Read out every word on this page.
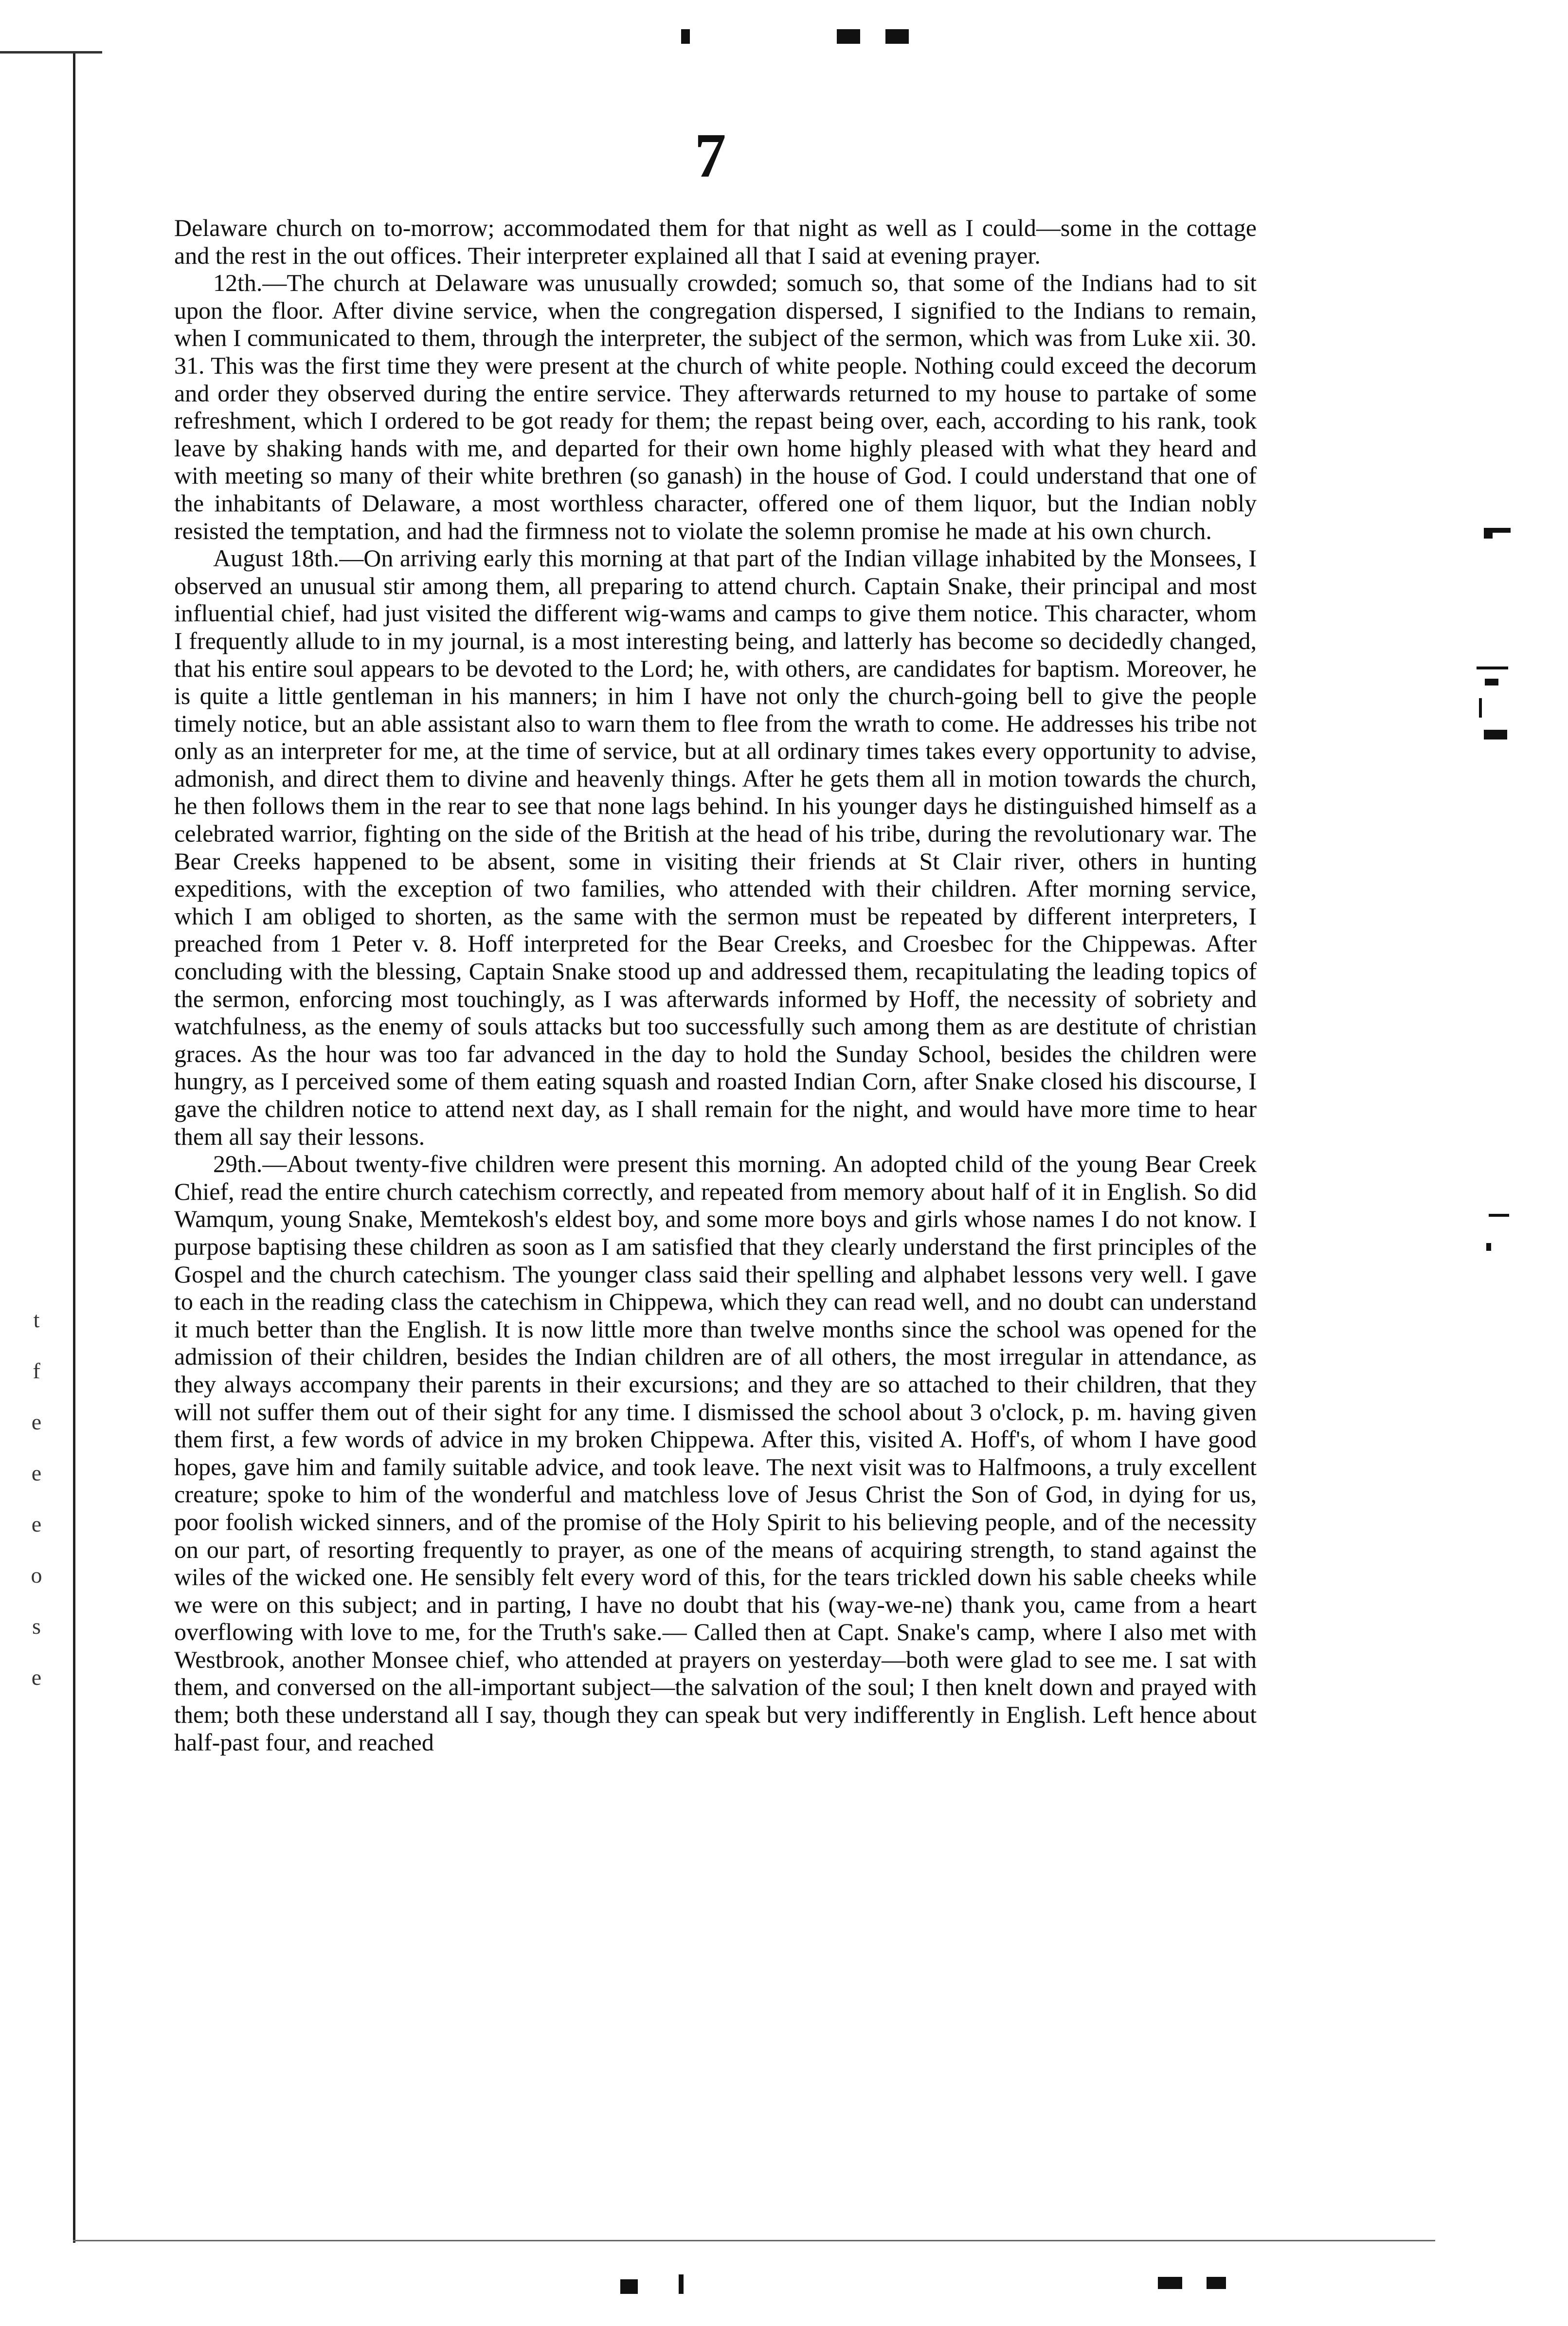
7

Delaware church on to-morrow; accommodated them for that night as well as I could—some in the cottage and the rest in the out offices. Their interpreter explained all that I said at evening prayer.

12th.—The church at Delaware was unusually crowded; somuch so, that some of the Indians had to sit upon the floor. After divine service, when the congregation dispersed, I signified to the Indians to remain, when I communicated to them, through the interpreter, the subject of the sermon, which was from Luke xii. 30. 31. This was the first time they were present at the church of white people. Nothing could exceed the decorum and order they observed during the entire service. They afterwards returned to my house to partake of some refreshment, which I ordered to be got ready for them; the repast being over, each, according to his rank, took leave by shaking hands with me, and departed for their own home highly pleased with what they heard and with meeting so many of their white brethren (so ganash) in the house of God. I could understand that one of the inhabitants of Delaware, a most worthless character, offered one of them liquor, but the Indian nobly resisted the temptation, and had the firmness not to violate the solemn promise he made at his own church.

August 18th.—On arriving early this morning at that part of the Indian village inhabited by the Monsees, I observed an unusual stir among them, all preparing to attend church. Captain Snake, their principal and most influential chief, had just visited the different wig-wams and camps to give them notice. This character, whom I frequently allude to in my journal, is a most interesting being, and latterly has become so decidedly changed, that his entire soul appears to be devoted to the Lord; he, with others, are candidates for baptism. Moreover, he is quite a little gentleman in his manners; in him I have not only the church-going bell to give the people timely notice, but an able assistant also to warn them to flee from the wrath to come. He addresses his tribe not only as an interpreter for me, at the time of service, but at all ordinary times takes every opportunity to advise, admonish, and direct them to divine and heavenly things. After he gets them all in motion towards the church, he then follows them in the rear to see that none lags behind. In his younger days he distinguished himself as a celebrated warrior, fighting on the side of the British at the head of his tribe, during the revolutionary war. The Bear Creeks happened to be absent, some in visiting their friends at St Clair river, others in hunting expeditions, with the exception of two families, who attended with their children. After morning service, which I am obliged to shorten, as the same with the sermon must be repeated by different interpreters, I preached from 1 Peter v. 8. Hoff interpreted for the Bear Creeks, and Croesbec for the Chippewas. After concluding with the blessing, Captain Snake stood up and addressed them, recapitulating the leading topics of the sermon, enforcing most touchingly, as I was afterwards informed by Hoff, the necessity of sobriety and watchfulness, as the enemy of souls attacks but too successfully such among them as are destitute of christian graces. As the hour was too far advanced in the day to hold the Sunday School, besides the children were hungry, as I perceived some of them eating squash and roasted Indian Corn, after Snake closed his discourse, I gave the children notice to attend next day, as I shall remain for the night, and would have more time to hear them all say their lessons.

29th.—About twenty-five children were present this morning. An adopted child of the young Bear Creek Chief, read the entire church catechism correctly, and repeated from memory about half of it in English. So did Wamqum, young Snake, Memtekosh's eldest boy, and some more boys and girls whose names I do not know. I purpose baptising these children as soon as I am satisfied that they clearly understand the first principles of the Gospel and the church catechism. The younger class said their spelling and alphabet lessons very well. I gave to each in the reading class the catechism in Chippewa, which they can read well, and no doubt can understand it much better than the English. It is now little more than twelve months since the school was opened for the admission of their children, besides the Indian children are of all others, the most irregular in attendance, as they always accompany their parents in their excursions; and they are so attached to their children, that they will not suffer them out of their sight for any time. I dismissed the school about 3 o'clock, p. m. having given them first, a few words of advice in my broken Chippewa. After this, visited A. Hoff's, of whom I have good hopes, gave him and family suitable advice, and took leave. The next visit was to Halfmoons, a truly excellent creature; spoke to him of the wonderful and matchless love of Jesus Christ the Son of God, in dying for us, poor foolish wicked sinners, and of the promise of the Holy Spirit to his believing people, and of the necessity on our part, of resorting frequently to prayer, as one of the means of acquiring strength, to stand against the wiles of the wicked one. He sensibly felt every word of this, for the tears trickled down his sable cheeks while we were on this subject; and in parting, I have no doubt that his (way-we-ne) thank you, came from a heart overflowing with love to me, for the Truth's sake.— Called then at Capt. Snake's camp, where I also met with Westbrook, another Monsee chief, who attended at prayers on yesterday—both were glad to see me. I sat with them, and conversed on the all-important subject—the salvation of the soul; I then knelt down and prayed with them; both these understand all I say, though they can speak but very indifferently in English. Left hence about half-past four, and reached

t
f
e
e
e
o
s
e
